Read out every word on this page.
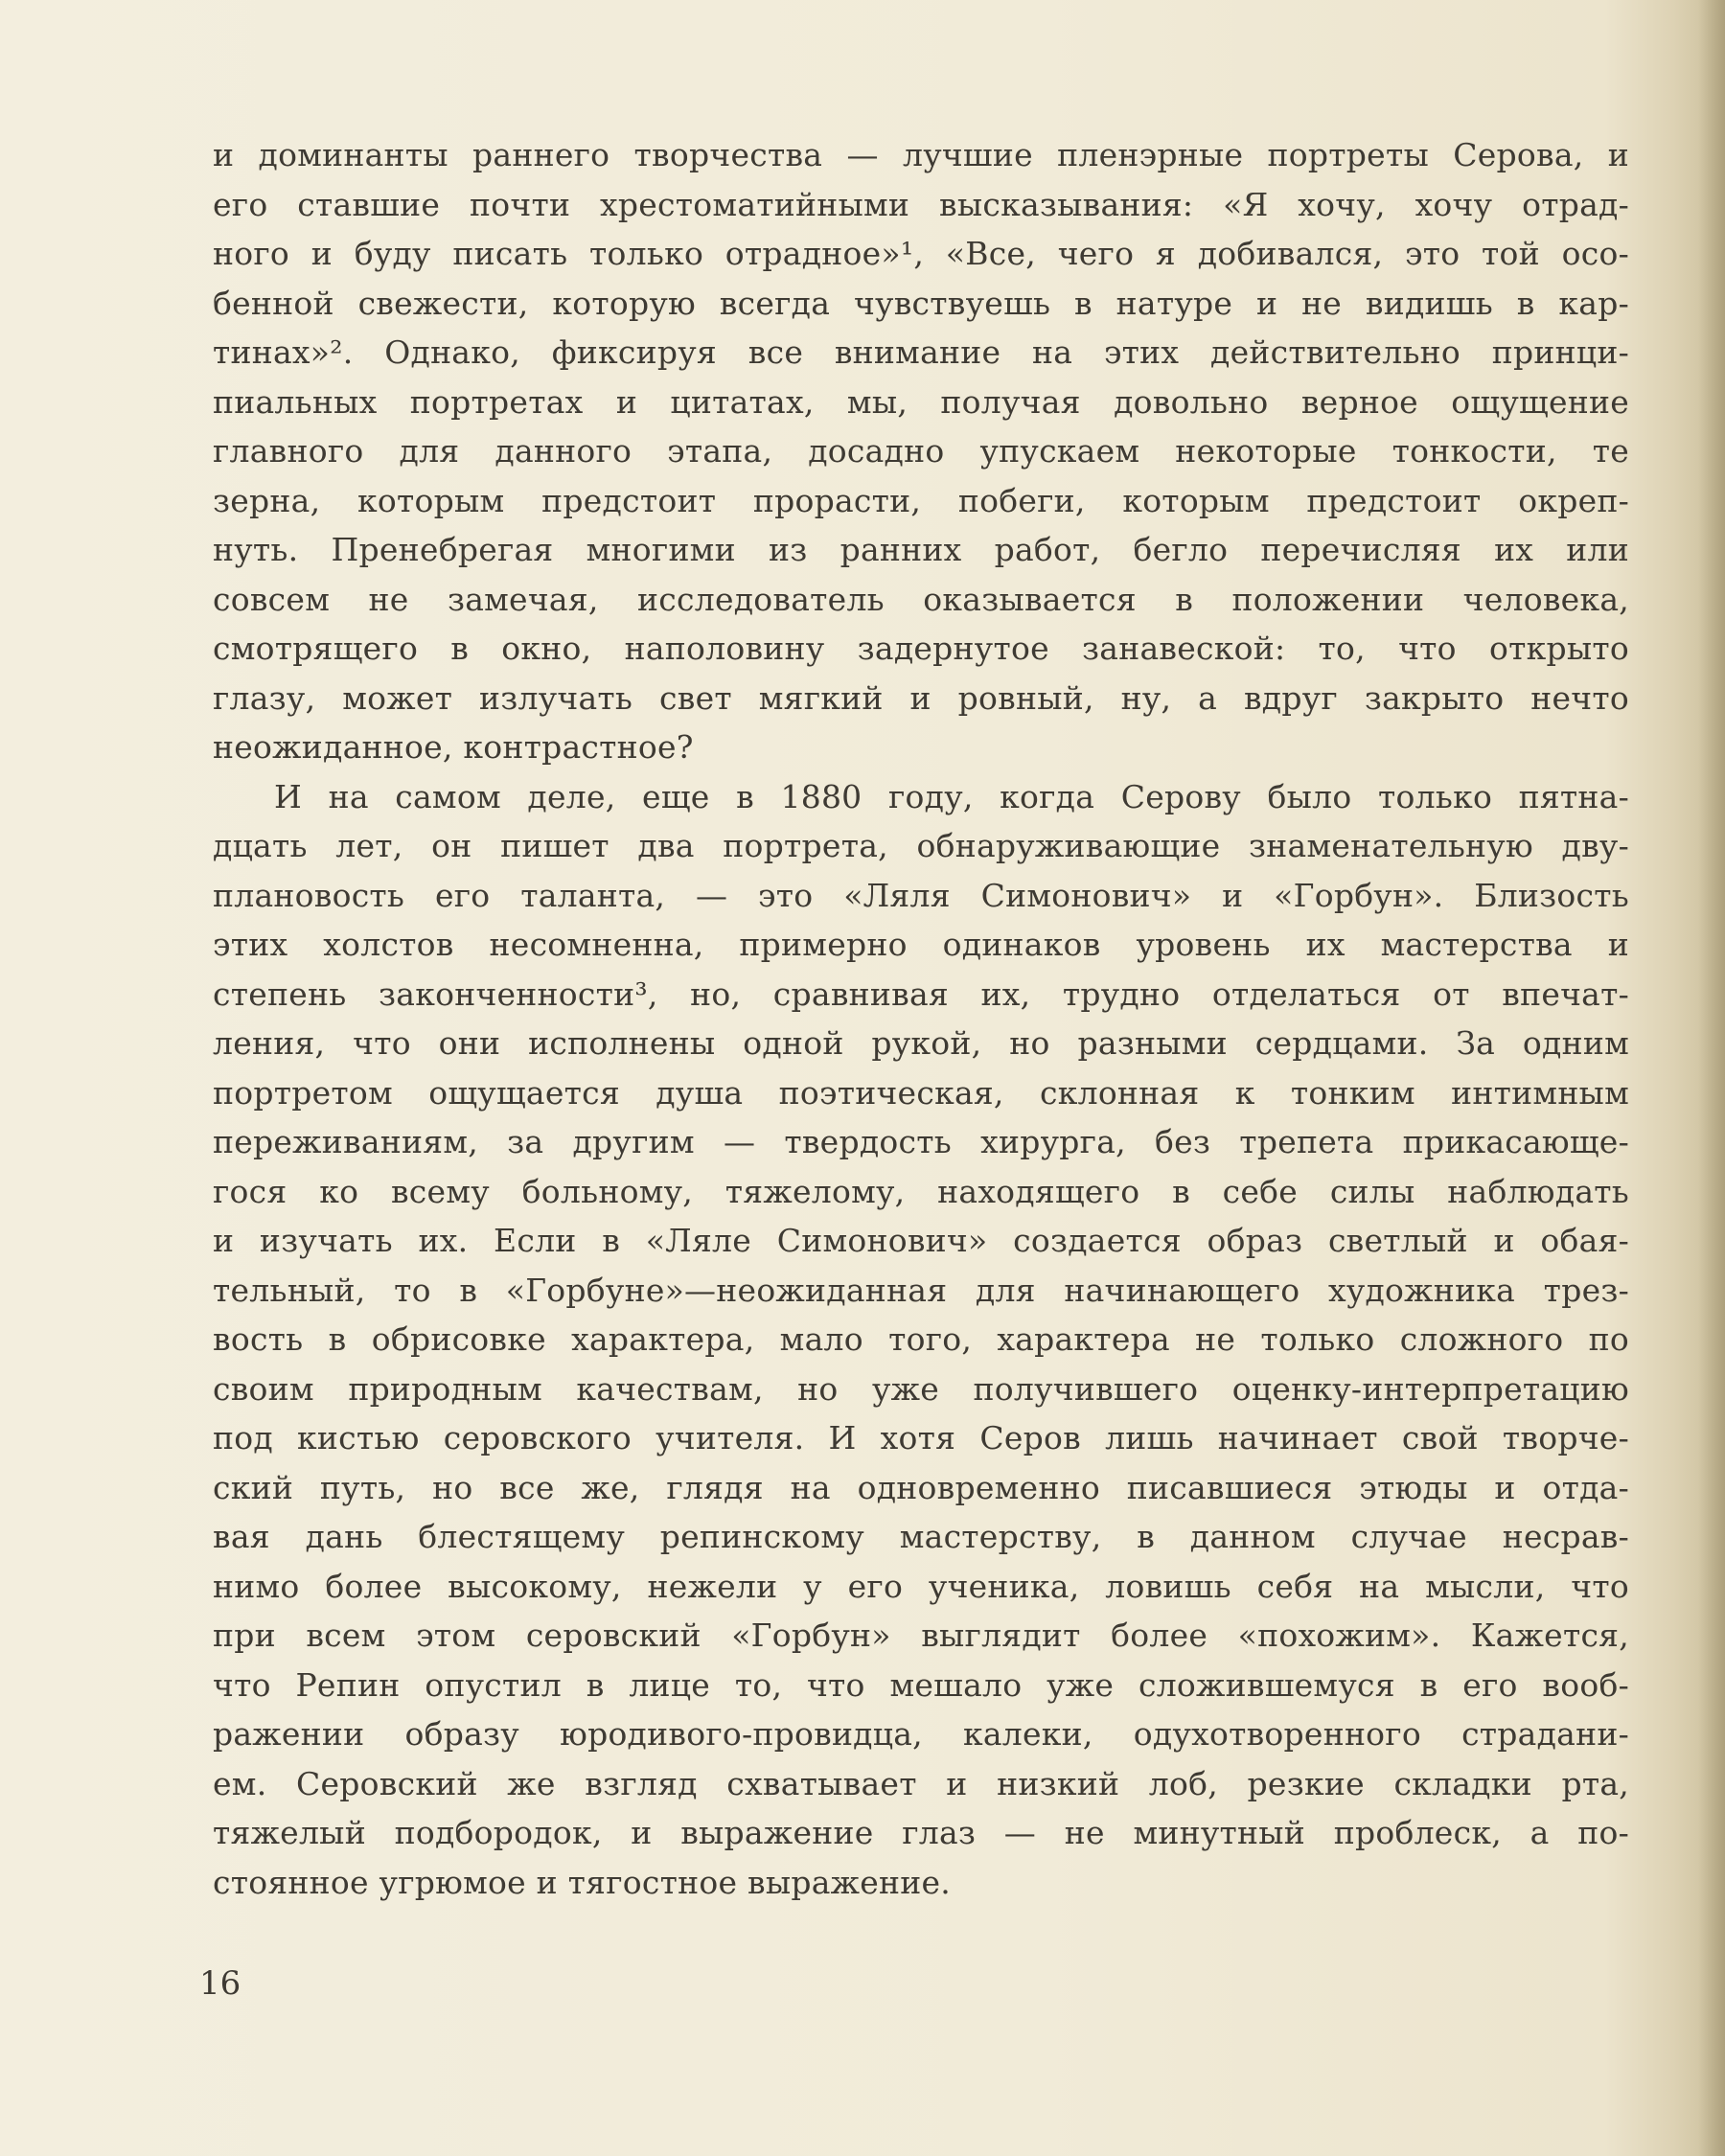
и доминанты раннего творчества — лучшие пленэрные портреты Серова, и
его ставшие почти хрестоматийными высказывания: «Я хочу, хочу отрад-
ного и буду писать только отрадное»¹, «Все, чего я добивался, это той осо-
бенной свежести, которую всегда чувствуешь в натуре и не видишь в кар-
тинах»². Однако, фиксируя все внимание на этих действительно принци-
пиальных портретах и цитатах, мы, получая довольно верное ощущение
главного для данного этапа, досадно упускаем некоторые тонкости, те
зерна, которым предстоит прорасти, побеги, которым предстоит окреп-
нуть. Пренебрегая многими из ранних работ, бегло перечисляя их или
совсем не замечая, исследователь оказывается в положении человека,
смотрящего в окно, наполовину задернутое занавеской: то, что открыто
глазу, может излучать свет мягкий и ровный, ну, а вдруг закрыто нечто
неожиданное, контрастное?
И на самом деле, еще в 1880 году, когда Серову было только пятна-
дцать лет, он пишет два портрета, обнаруживающие знаменательную дву-
плановость его таланта, — это «Ляля Симонович» и «Горбун». Близость
этих холстов несомненна, примерно одинаков уровень их мастерства и
степень законченности³, но, сравнивая их, трудно отделаться от впечат-
ления, что они исполнены одной рукой, но разными сердцами. За одним
портретом ощущается душа поэтическая, склонная к тонким интимным
переживаниям, за другим — твердость хирурга, без трепета прикасающе-
гося ко всему больному, тяжелому, находящего в себе силы наблюдать
и изучать их. Если в «Ляле Симонович» создается образ светлый и обая-
тельный, то в «Горбуне»—неожиданная для начинающего художника трез-
вость в обрисовке характера, мало того, характера не только сложного по
своим природным качествам, но уже получившего оценку-интерпретацию
под кистью серовского учителя. И хотя Серов лишь начинает свой творче-
ский путь, но все же, глядя на одновременно писавшиеся этюды и отда-
вая дань блестящему репинскому мастерству, в данном случае несрав-
нимо более высокому, нежели у его ученика, ловишь себя на мысли, что
при всем этом серовский «Горбун» выглядит более «похожим». Кажется,
что Репин опустил в лице то, что мешало уже сложившемуся в его вооб-
ражении образу юродивого-провидца, калеки, одухотворенного страдани-
ем. Серовский же взгляд схватывает и низкий лоб, резкие складки рта,
тяжелый подбородок, и выражение глаз — не минутный проблеск, а по-
стоянное угрюмое и тягостное выражение.
16
